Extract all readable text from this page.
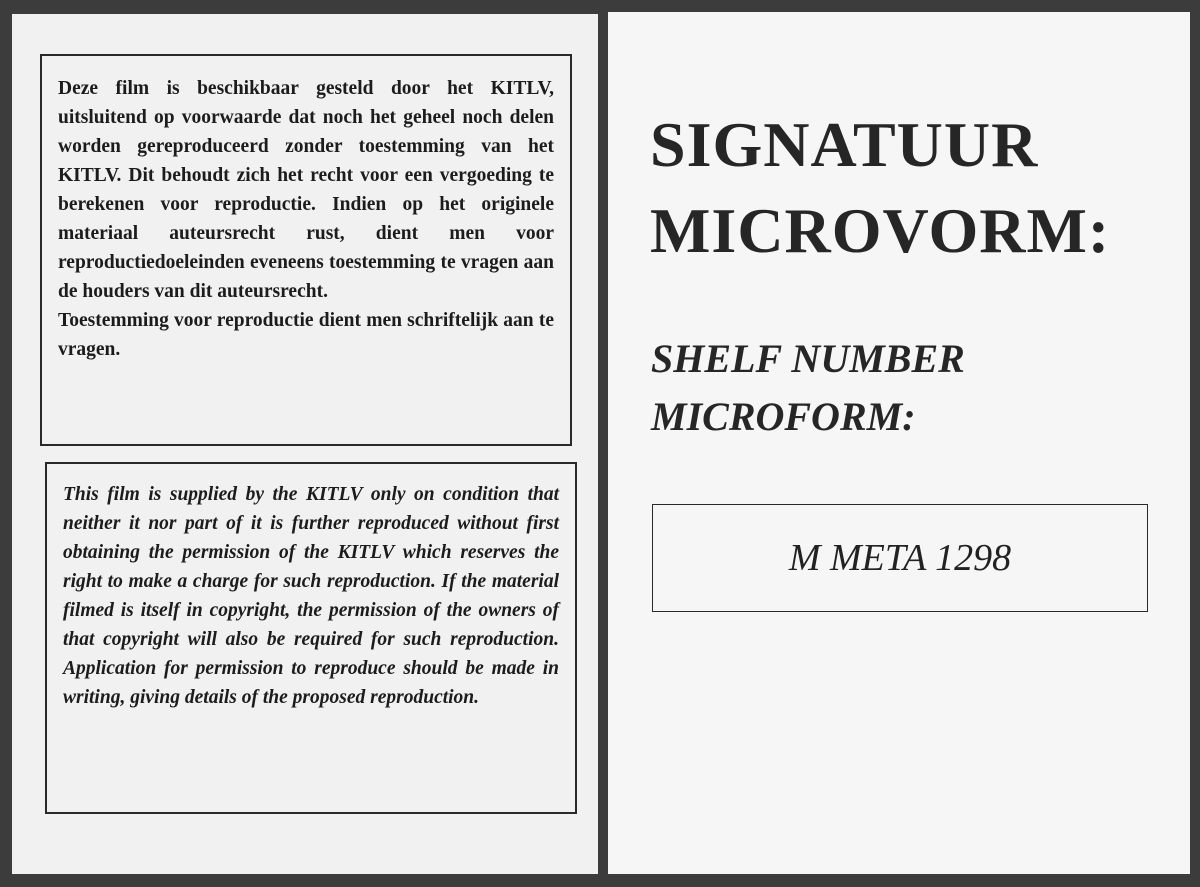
Deze film is beschikbaar gesteld door het KITLV, uitsluitend op voorwaarde dat noch het geheel noch delen worden gereproduceerd zonder toestemming van het KITLV. Dit behoudt zich het recht voor een vergoeding te berekenen voor reproductie. Indien op het originele materiaal auteursrecht rust, dient men voor reproductiedoeleinden eveneens toestemming te vragen aan de houders van dit auteursrecht.

Toestemming voor reproductie dient men schriftelijk aan te vragen.

This film is supplied by the KITLV only on condition that neither it nor part of it is further reproduced without first obtaining the permission of the KITLV which reserves the right to make a charge for such reproduction. If the material filmed is itself in copyright, the permission of the owners of that copyright will also be required for such reproduction. Application for permission to reproduce should be made in writing, giving details of the proposed reproduction.

SIGNATUUR
MICROVORM:
SHELF NUMBER
MICROFORM:
M META 1298
